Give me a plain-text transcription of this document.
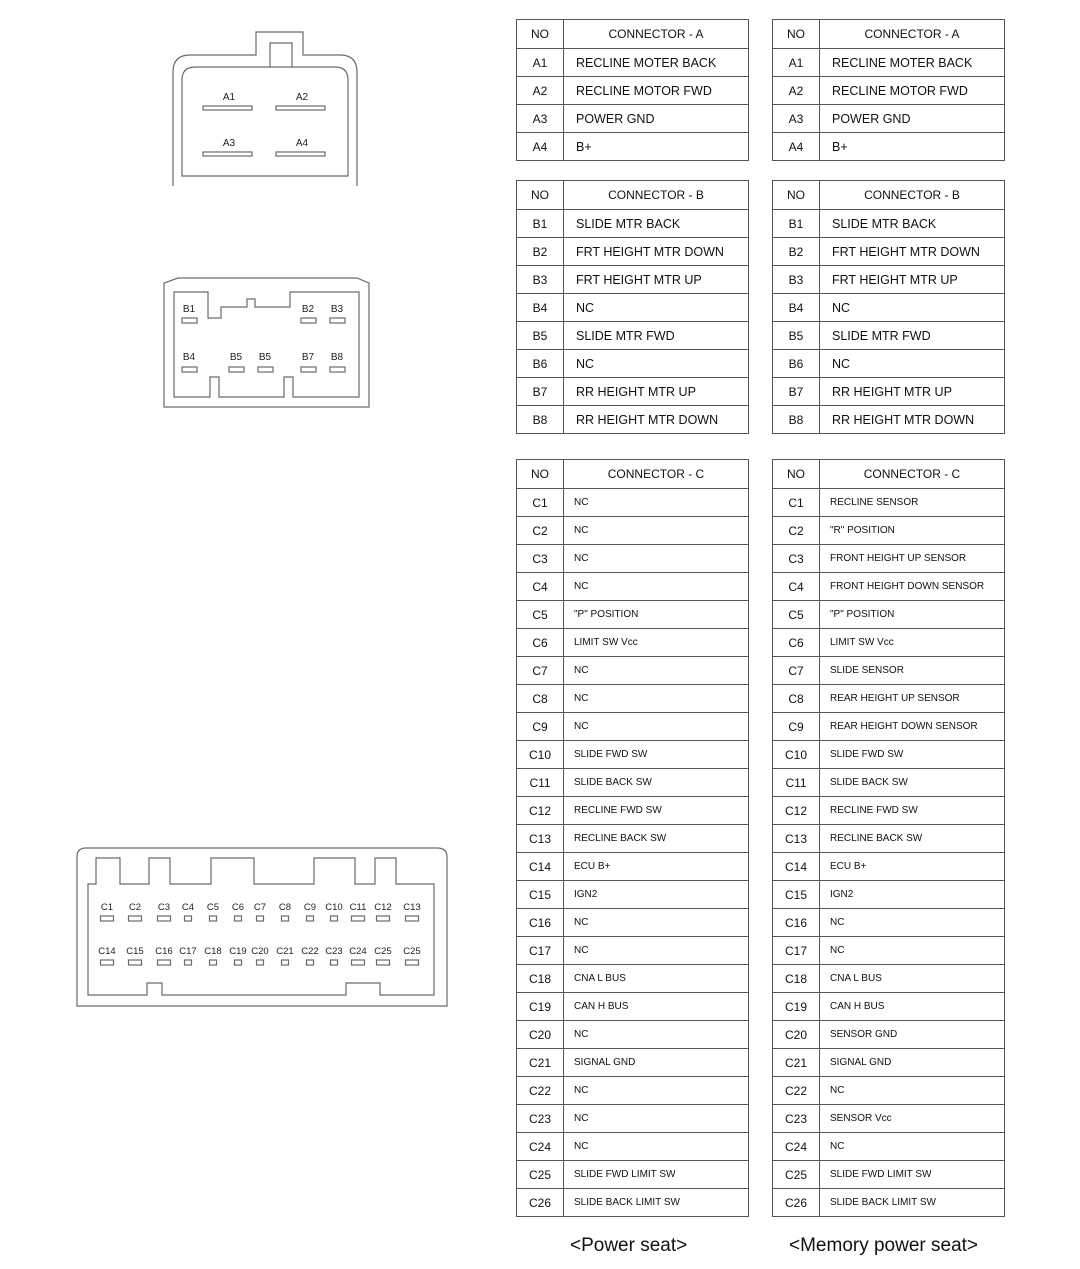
A1	A2
A3	A4
B1	B2 B3
B4	B5 B5	B7 B8
C1 C2 C3 C4 C5 C6 C7 C8 C9 C10 C11 C12 C13
C14 C15 C16 C17 C18 C19 C20 C21 C22 C23 C24 C25 C25
NO	CONNECTOR - A
A1	RECLINE MOTER BACK
A2	RECLINE MOTOR FWD
A3	POWER GND
A4	B+
NO	CONNECTOR - A
A1	RECLINE MOTER BACK
A2	RECLINE MOTOR FWD
A3	POWER GND
A4	B+
NO	CONNECTOR - B
B1	SLIDE MTR BACK
B2	FRT HEIGHT MTR DOWN
B3	FRT HEIGHT MTR UP
B4	NC
B5	SLIDE MTR FWD
B6	NC
B7	RR HEIGHT MTR UP
B8	RR HEIGHT MTR DOWN
NO	CONNECTOR - B
B1	SLIDE MTR BACK
B2	FRT HEIGHT MTR DOWN
B3	FRT HEIGHT MTR UP
B4	NC
B5	SLIDE MTR FWD
B6	NC
B7	RR HEIGHT MTR UP
B8	RR HEIGHT MTR DOWN
NO	CONNECTOR - C
C1	NC
C2	NC
C3	NC
C4	NC
C5	"P" POSITION
C6	LIMIT SW Vcc
C7	NC
C8	NC
C9	NC
C10	SLIDE FWD SW
C11	SLIDE BACK SW
C12	RECLINE FWD SW
C13	RECLINE BACK SW
C14	ECU B+
C15	IGN2
C16	NC
C17	NC
C18	CNA L BUS
C19	CAN H BUS
C20	NC
C21	SIGNAL GND
C22	NC
C23	NC
C24	NC
C25	SLIDE FWD LIMIT SW
C26	SLIDE BACK LIMIT SW
NO	CONNECTOR - C
C1	RECLINE SENSOR
C2	"R" POSITION
C3	FRONT HEIGHT UP SENSOR
C4	FRONT HEIGHT DOWN SENSOR
C5	"P" POSITION
C6	LIMIT SW Vcc
C7	SLIDE SENSOR
C8	REAR HEIGHT UP SENSOR
C9	REAR HEIGHT DOWN SENSOR
C10	SLIDE FWD SW
C11	SLIDE BACK SW
C12	RECLINE FWD SW
C13	RECLINE BACK SW
C14	ECU B+
C15	IGN2
C16	NC
C17	NC
C18	CNA L BUS
C19	CAN H BUS
C20	SENSOR GND
C21	SIGNAL GND
C22	NC
C23	SENSOR Vcc
C24	NC
C25	SLIDE FWD LIMIT SW
C26	SLIDE BACK LIMIT SW
<Power seat>	<Memory power seat>
